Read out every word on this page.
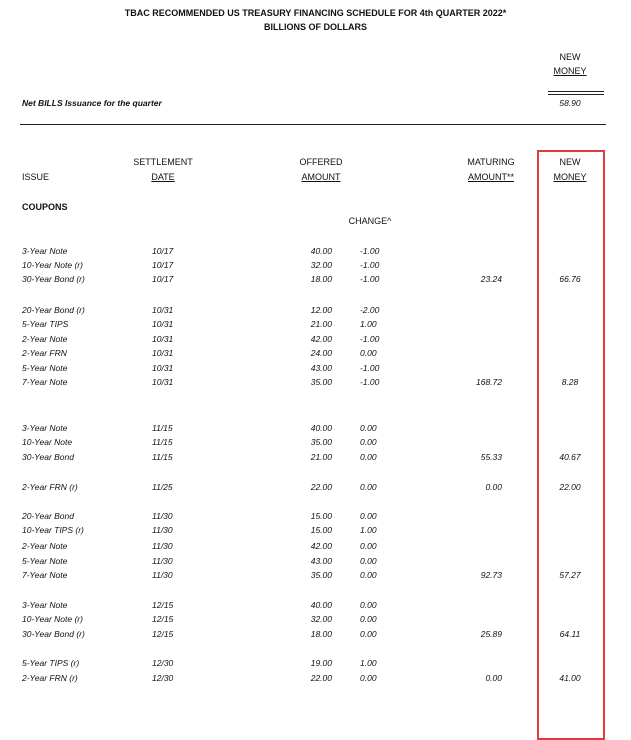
TBAC RECOMMENDED US TREASURY FINANCING SCHEDULE FOR 4th QUARTER 2022*
BILLIONS OF DOLLARS
NEW
MONEY
Net BILLS Issuance for the quarter	58.90
ISSUE
SETTLEMENT
DATE
OFFERED
AMOUNT
MATURING
AMOUNT**
NEW
MONEY
COUPONS
CHANGE^
3-Year Note	10/17	40.00	-1.00
10-Year Note (r)	10/17	32.00	-1.00
30-Year Bond (r)	10/17	18.00	-1.00	23.24	66.76
20-Year Bond (r)	10/31	12.00	-2.00
5-Year TIPS	10/31	21.00	1.00
2-Year Note	10/31	42.00	-1.00
2-Year FRN	10/31	24.00	0.00
5-Year Note	10/31	43.00	-1.00
7-Year Note	10/31	35.00	-1.00	168.72	8.28
3-Year Note	11/15	40.00	0.00
10-Year Note	11/15	35.00	0.00
30-Year Bond	11/15	21.00	0.00	55.33	40.67
2-Year FRN (r)	11/25	22.00	0.00	0.00	22.00
20-Year Bond	11/30	15.00	0.00
10-Year TIPS (r)	11/30	15.00	1.00
2-Year Note	11/30	42.00	0.00
5-Year Note	11/30	43.00	0.00
7-Year Note	11/30	35.00	0.00	92.73	57.27
3-Year Note	12/15	40.00	0.00
10-Year Note (r)	12/15	32.00	0.00
30-Year Bond (r)	12/15	18.00	0.00	25.89	64.11
5-Year TIPS (r)	12/30	19.00	1.00
2-Year FRN (r)	12/30	22.00	0.00	0.00	41.00
